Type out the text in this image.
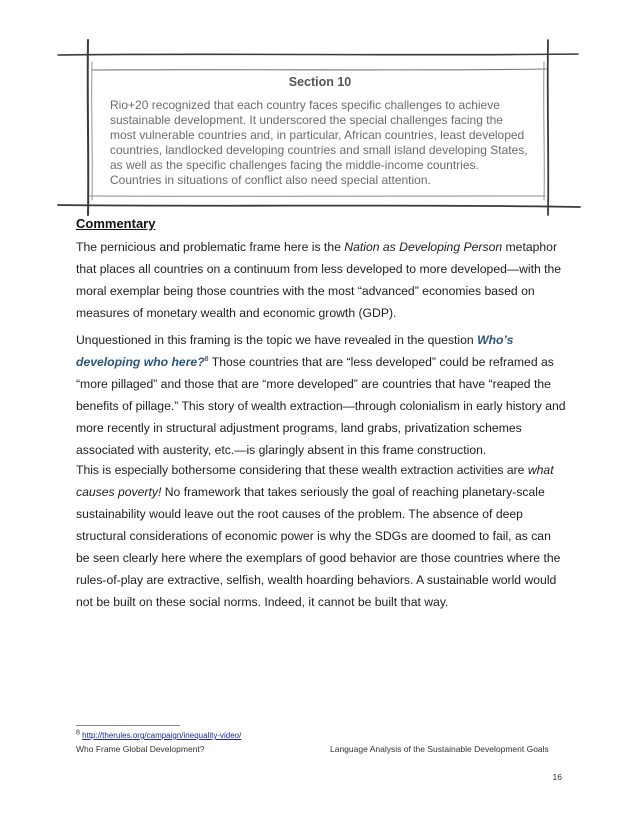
Section 10

Rio+20 recognized that each country faces specific challenges to achieve sustainable development. It underscored the special challenges facing the most vulnerable countries and, in particular, African countries, least developed countries, landlocked developing countries and small island developing States, as well as the specific challenges facing the middle-income countries. Countries in situations of conflict also need special attention.

Commentary

The pernicious and problematic frame here is the Nation as Developing Person metaphor that places all countries on a continuum from less developed to more developed—with the moral exemplar being those countries with the most “advanced” economies based on measures of monetary wealth and economic growth (GDP).

Unquestioned in this framing is the topic we have revealed in the question Who’s developing who here?$^8$ Those countries that are “less developed” could be reframed as “more pillaged” and those that are “more developed” are countries that have “reaped the benefits of pillage.” This story of wealth extraction—through colonialism in early history and more recently in structural adjustment programs, land grabs, privatization schemes associated with austerity, etc.—is glaringly absent in this frame construction.

This is especially bothersome considering that these wealth extraction activities are what causes poverty! No framework that takes seriously the goal of reaching planetary-scale sustainability would leave out the root causes of the problem. The absence of deep structural considerations of economic power is why the SDGs are doomed to fail, as can be seen clearly here where the exemplars of good behavior are those countries where the rules-of-play are extractive, selfish, wealth hoarding behaviors. A sustainable world would not be built on these social norms. Indeed, it cannot be built that way.

$^8$ http://therules.org/campaign/inequality-video/
Who Frame Global Development?	Language Analysis of the Sustainable Development Goals
16
